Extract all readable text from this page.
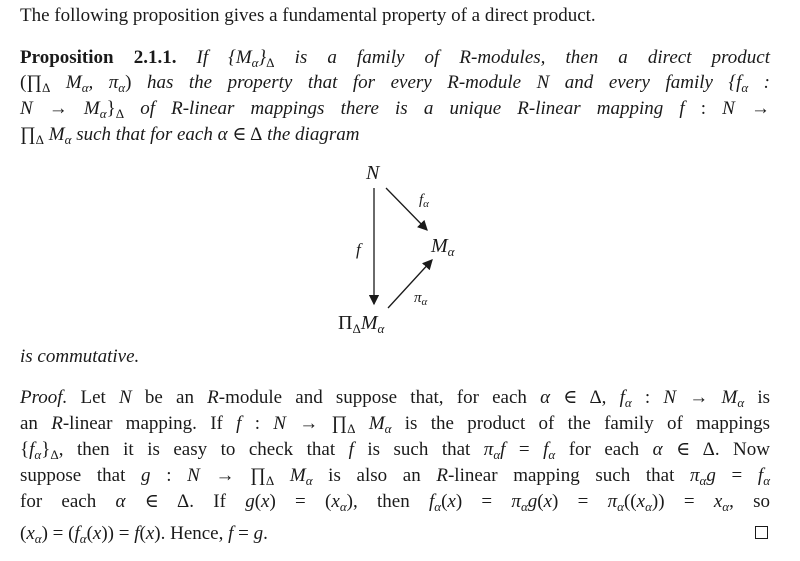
The following proposition gives a fundamental property of a direct product.
Proposition 2.1.1. If $\{M_\alpha\}_\Delta$ is a family of R-modules, then a direct product
($\prod_\Delta$ $M_\alpha$, $\pi_\alpha$) has the property that for every R-module N and every family {$f_\alpha$ :
$N \to M_\alpha\}_\Delta$ of R-linear mappings there is a unique R-linear mapping f : N →
$\prod_\Delta$ $M_\alpha$ such that for each α ∈ Δ the diagram
N
$M_\alpha$
$\Pi_\Delta M_\alpha$
f
$f_\alpha$
$\pi_\alpha$
is commutative.
Proof. Let N be an R-module and suppose that, for each α ∈ Δ, $f_\alpha$ : $N \to M_\alpha$ is
an R-linear mapping. If f : $N \to \prod_\Delta$ $M_\alpha$ is the product of the family of mappings
$\{f_\alpha\}_\Delta$, then it is easy to check that f is such that $\pi_\alpha f = f_\alpha$ for each α ∈ Δ. Now
suppose that g : $N \to \prod_\Delta$ $M_\alpha$ is also an R-linear mapping such that $\pi_\alpha g = f_\alpha$
for each α ∈ Δ. If $g(x) = (x_\alpha)$, then $f_\alpha(x) = \pi_\alpha g(x) = \pi_\alpha((x_\alpha)) = x_\alpha$, so
$(x_\alpha) = (f_\alpha(x)) = f(x)$. Hence, f = g.
